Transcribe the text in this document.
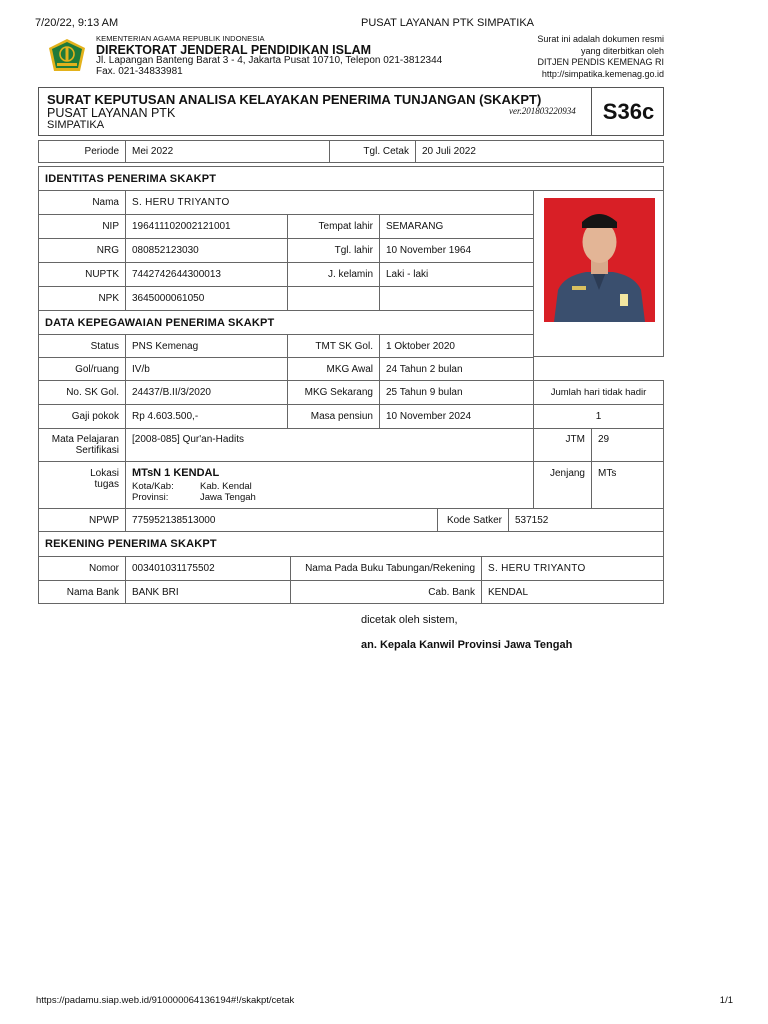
7/20/22, 9:13 AM	PUSAT LAYANAN PTK SIMPATIKA
KEMENTERIAN AGAMA REPUBLIK INDONESIA
DIREKTORAT JENDERAL PENDIDIKAN ISLAM
Jl. Lapangan Banteng Barat 3 - 4, Jakarta Pusat 10710, Telepon 021-3812344
Fax. 021-34833981
Surat ini adalah dokumen resmi
yang diterbitkan oleh
DITJEN PENDIS KEMENAG RI
http://simpatika.kemenag.go.id
SURAT KEPUTUSAN ANALISA KELAYAKAN PENERIMA TUNJANGAN (SKAKPT)
PUSAT LAYANAN PTK
SIMPATIKA
ver.201803220934	S36c
Periode	Mei 2022	Tgl. Cetak	20 Juli 2022
IDENTITAS PENERIMA SKAKPT
Nama	S. HERU TRIYANTO
NIP	196411102002121001	Tempat lahir	SEMARANG
NRG	080852123030	Tgl. lahir	10 November 1964
NUPTK	7442742644300013	J. kelamin	Laki - laki
NPK	3645000061050
DATA KEPEGAWAIAN PENERIMA SKAKPT
Status	PNS Kemenag	TMT SK Gol.	1 Oktober 2020
Gol/ruang	IV/b	MKG Awal	24 Tahun 2 bulan
No. SK Gol.	24437/B.II/3/2020	MKG Sekarang	25 Tahun 9 bulan	Jumlah hari tidak hadir
Gaji pokok	Rp 4.603.500,-	Masa pensiun	10 November 2024	1
Mata Pelajaran
Sertifikasi
[2008-085] Qur'an-Hadits	JTM	29
Lokasi
tugas
MTsN 1 KENDAL
Kota/Kab:	Kab. Kendal
Provinsi:	Jawa Tengah
Jenjang	MTs
NPWP	775952138513000	Kode Satker	537152
REKENING PENERIMA SKAKPT
Nomor	003401031175502	Nama Pada Buku Tabungan/Rekening	S. HERU TRIYANTO
Nama Bank	BANK BRI	Cab. Bank	KENDAL
dicetak oleh sistem,
an. Kepala Kanwil Provinsi Jawa Tengah
https://padamu.siap.web.id/910000064136194#!/skakpt/cetak	1/1
